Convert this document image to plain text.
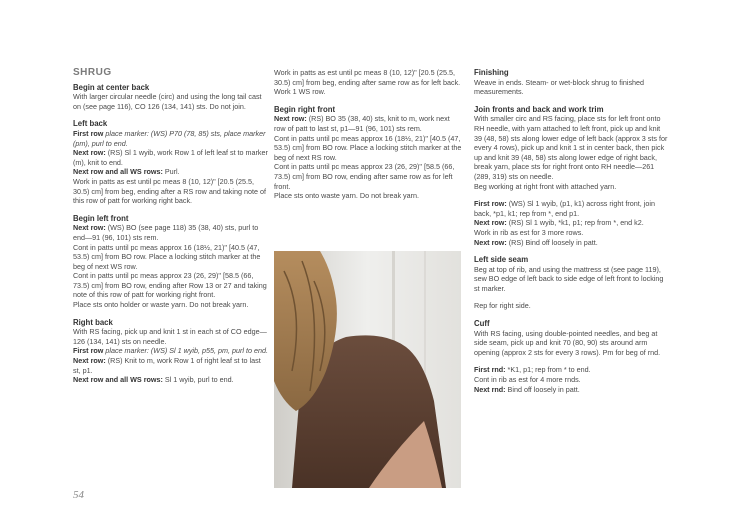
SHRUG
Begin at center back

With larger circular needle (circ) and using the long tail cast on (see page 116), CO 126 (134, 141) sts. Do not join.

Left back

First row place marker: (WS) P70 (78, 85) sts, place marker (pm), purl to end.

Next row: (RS) Sl 1 wyib, work Row 1 of left leaf st to marker (m), knit to end.

Next row and all WS rows: Purl.

Work in patts as est until pc meas 8 (10, 12)" [20.5 (25.5, 30.5) cm] from beg, ending after a RS row and taking note of this row of patt for working right back.

Begin left front

Next row: (WS) BO (see page 118) 35 (38, 40) sts, purl to end—91 (96, 101) sts rem.

Cont in patts until pc meas approx 16 (18½, 21)" [40.5 (47, 53.5) cm] from BO row. Place a locking stitch marker at the beg of next WS row.

Cont in patts until pc meas approx 23 (26, 29)" [58.5 (66, 73.5) cm] from BO row, ending after Row 13 or 27 and taking note of this row of patt for working right front.

Place sts onto holder or waste yarn. Do not break yarn.

Right back

With RS facing, pick up and knit 1 st in each st of CO edge—126 (134, 141) sts on needle.

First row place marker: (WS) Sl 1 wyib, p55, pm, purl to end.

Next row: (RS) Knit to m, work Row 1 of right leaf st to last st, p1.

Next row and all WS rows: Sl 1 wyib, purl to end.

Work in patts as est until pc meas 8 (10, 12)" [20.5 (25.5, 30.5) cm] from beg, ending after same row as for left back.

Work 1 WS row.

Begin right front

Next row: (RS) BO 35 (38, 40) sts, knit to m, work next row of patt to last st, p1—91 (96, 101) sts rem.

Cont in patts until pc meas approx 16 (18½, 21)" [40.5 (47, 53.5) cm] from BO row. Place a locking stitch marker at the beg of next RS row.

Cont in patts until pc meas approx 23 (26, 29)" [58.5 (66, 73.5) cm] from BO row, ending after same row as for left front.

Place sts onto waste yarn. Do not break yarn.

Finishing

Weave in ends. Steam- or wet-block shrug to finished measurements.

Join fronts and back and work trim

With smaller circ and RS facing, place sts for left front onto RH needle, with yarn attached to left front, pick up and knit 39 (48, 58) sts along lower edge of left back (approx 3 sts for every 4 rows), pick up and knit 1 st in center back, then pick up and knit 39 (48, 58) sts along lower edge of right back, break yarn, place sts for right front onto RH needle—261 (289, 319) sts on needle.

Beg working at right front with attached yarn.

First row: (WS) Sl 1 wyib, (p1, k1) across right front, join back, *p1, k1; rep from *, end p1.

Next row: (RS) Sl 1 wyib, *k1, p1; rep from *, end k2.

Work in rib as est for 3 more rows.

Next row: (RS) Bind off loosely in patt.

Left side seam

Beg at top of rib, and using the mattress st (see page 119), sew BO edge of left back to side edge of left front to locking st marker.

Rep for right side.

Cuff

With RS facing, using double-pointed needles, and beg at side seam, pick up and knit 70 (80, 90) sts around arm opening (approx 2 sts for every 3 rows). Pm for beg of rnd.

First rnd: *K1, p1; rep from * to end.

Cont in rib as est for 4 more rnds.

Next rnd: Bind off loosely in patt.

54
